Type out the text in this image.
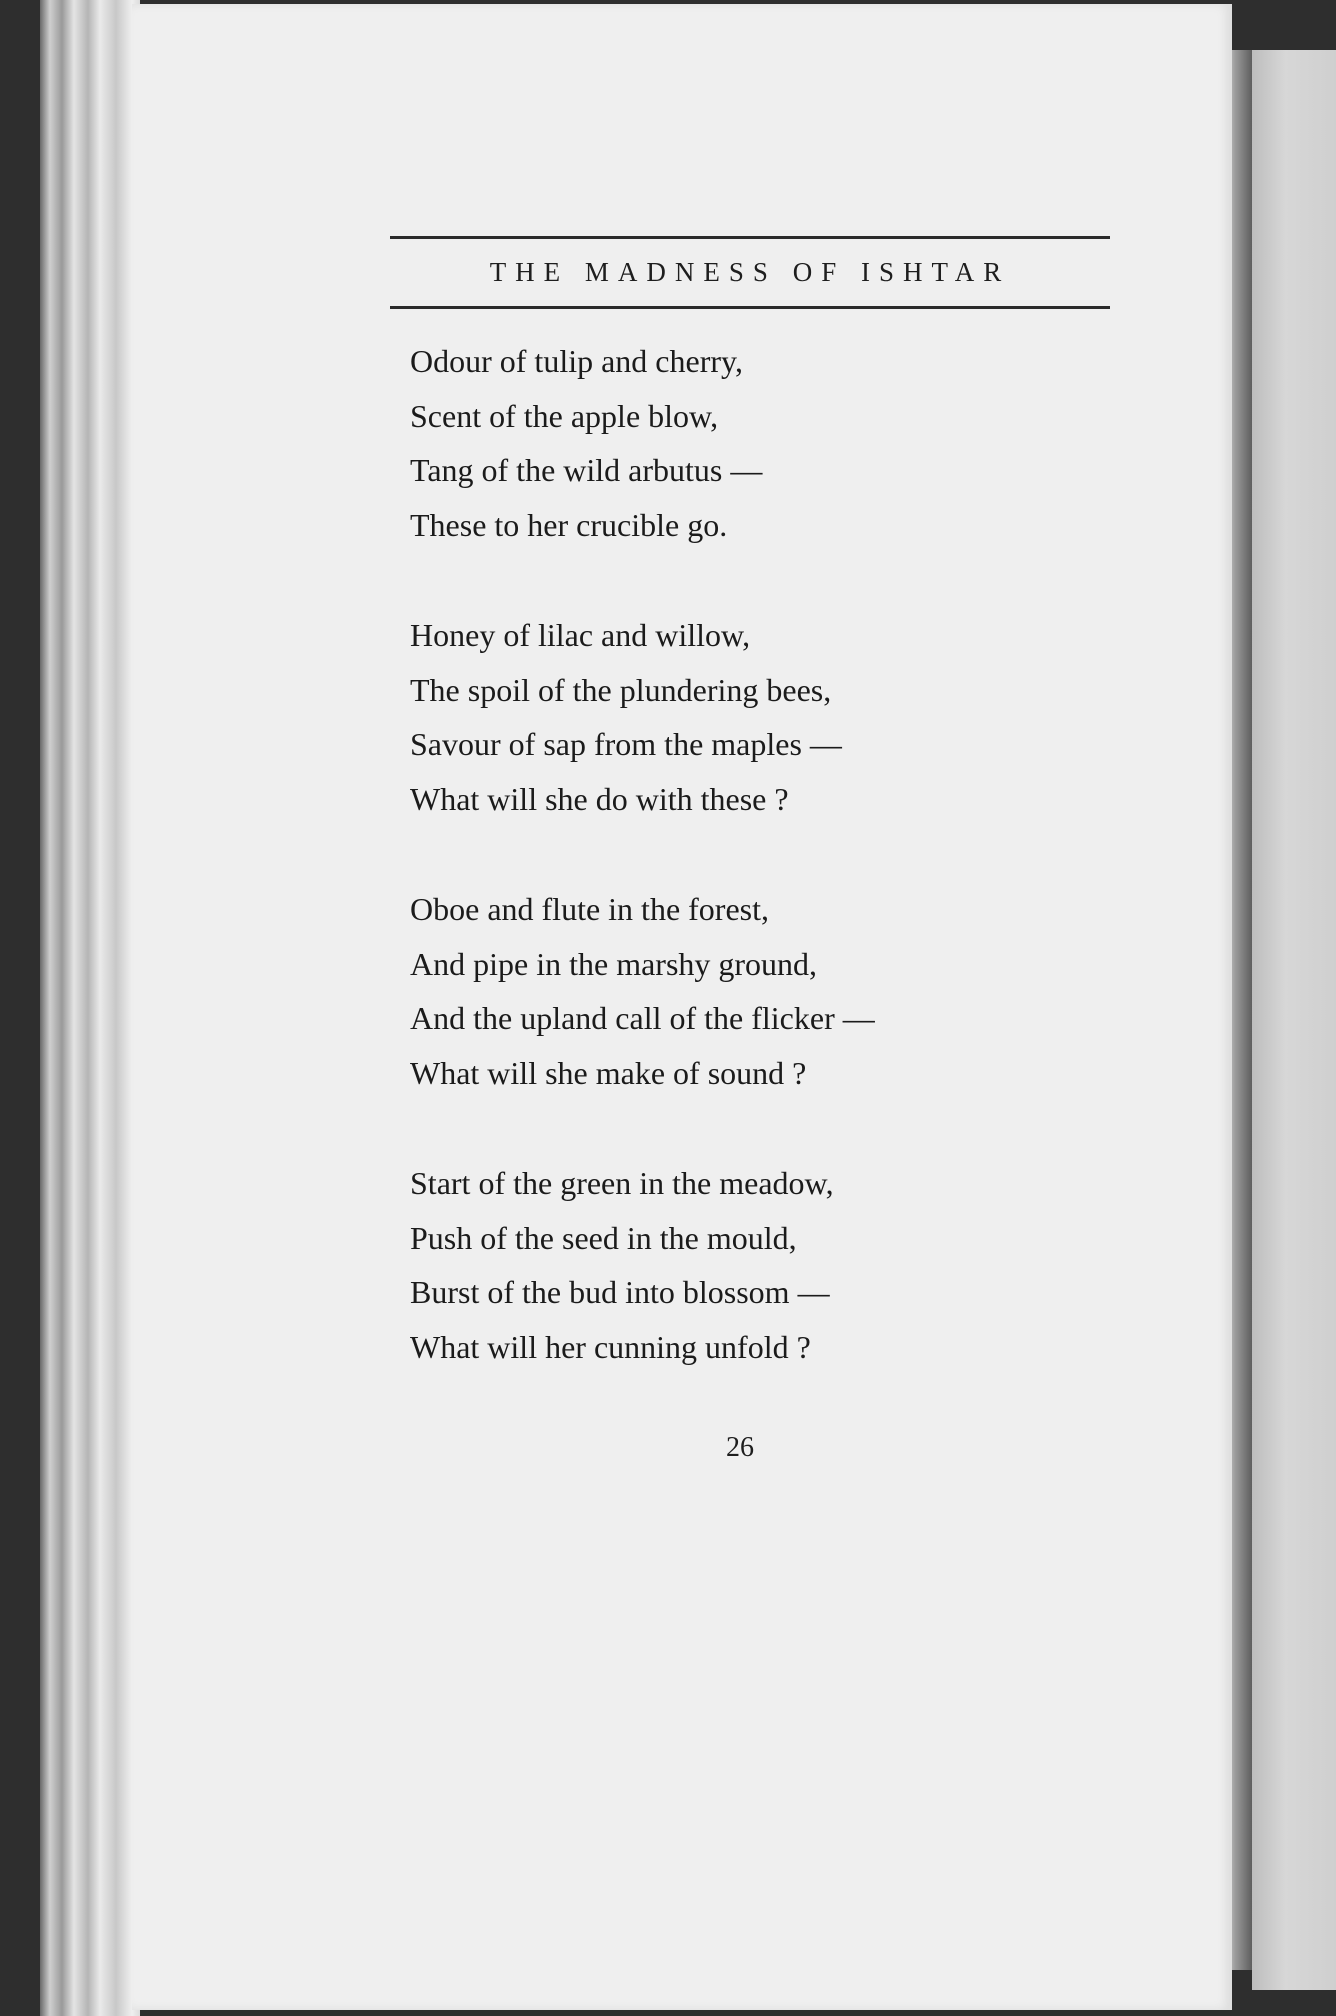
THE MADNESS OF ISHTAR
Odour of tulip and cherry,
Scent of the apple blow,
Tang of the wild arbutus —
These to her crucible go.
Honey of lilac and willow,
The spoil of the plundering bees,
Savour of sap from the maples —
What will she do with these ?
Oboe and flute in the forest,
And pipe in the marshy ground,
And the upland call of the flicker —
What will she make of sound ?
Start of the green in the meadow,
Push of the seed in the mould,
Burst of the bud into blossom —
What will her cunning unfold ?
26
